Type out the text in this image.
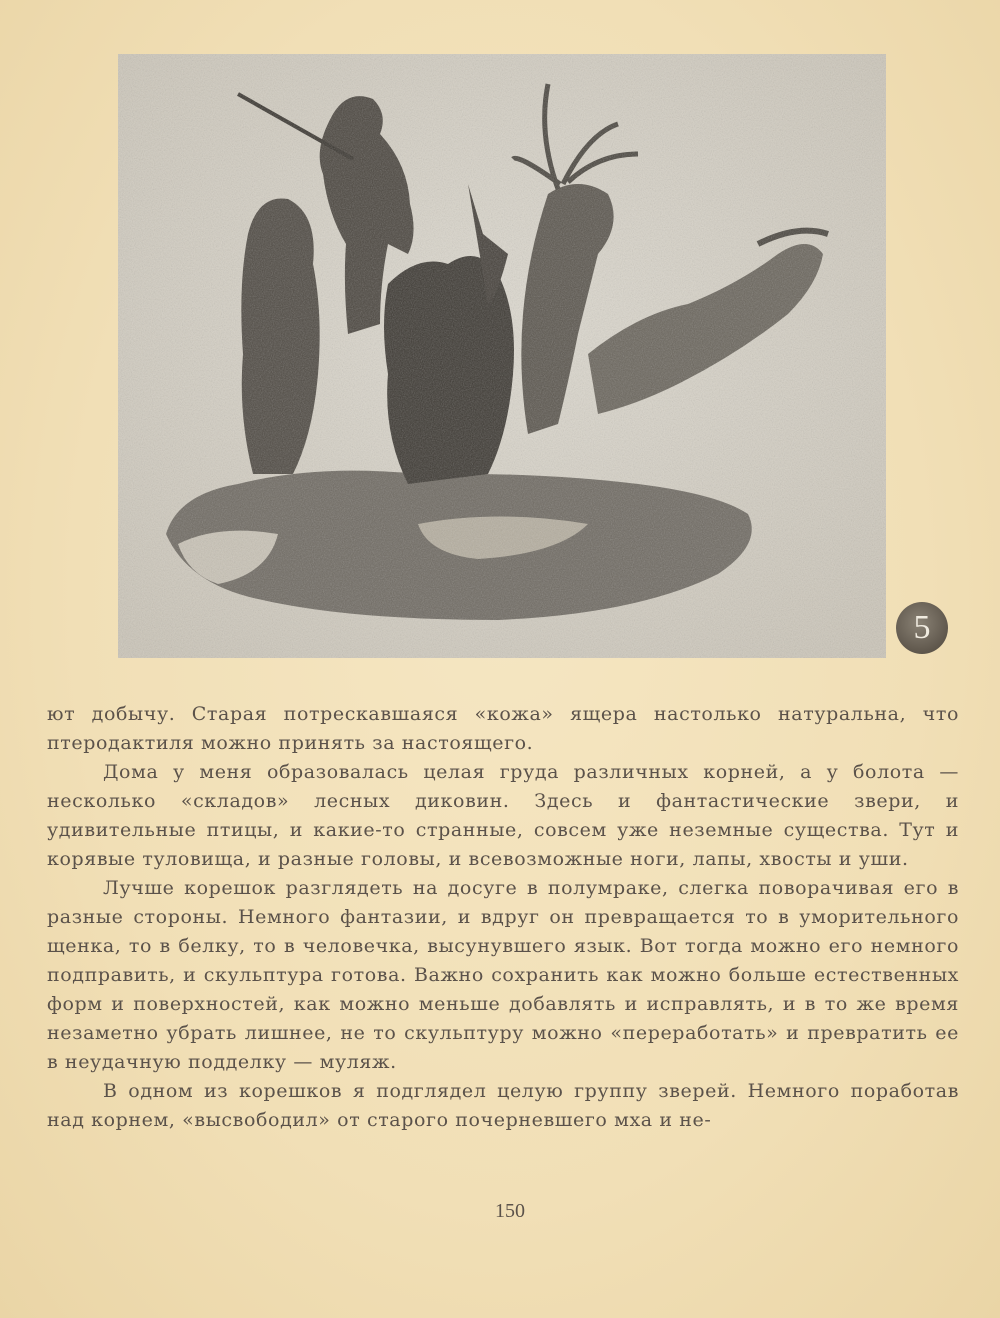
5

ют добычу. Старая потрескавшаяся «кожа» ящера настолько натуральна, что птеродактиля можно принять за настоящего.

Дома у меня образовалась целая груда различных корней, а у болота — несколько «складов» лесных диковин. Здесь и фантастические звери, и удивительные птицы, и какие-то странные, совсем уже неземные существа. Тут и корявые туловища, и разные головы, и всевозможные ноги, лапы, хвосты и уши.

Лучше корешок разглядеть на досуге в полумраке, слегка поворачивая его в разные стороны. Немного фантазии, и вдруг он превращается то в уморительного щенка, то в белку, то в человечка, высунувшего язык. Вот тогда можно его немного подправить, и скульптура готова. Важно сохранить как можно больше естественных форм и поверхностей, как можно меньше добавлять и исправлять, и в то же время незаметно убрать лишнее, не то скульптуру можно «переработать» и превратить ее в неудачную подделку — муляж.

В одном из корешков я подглядел целую группу зверей. Немного поработав над корнем, «высвободил» от старого почерневшего мха и не-

150
